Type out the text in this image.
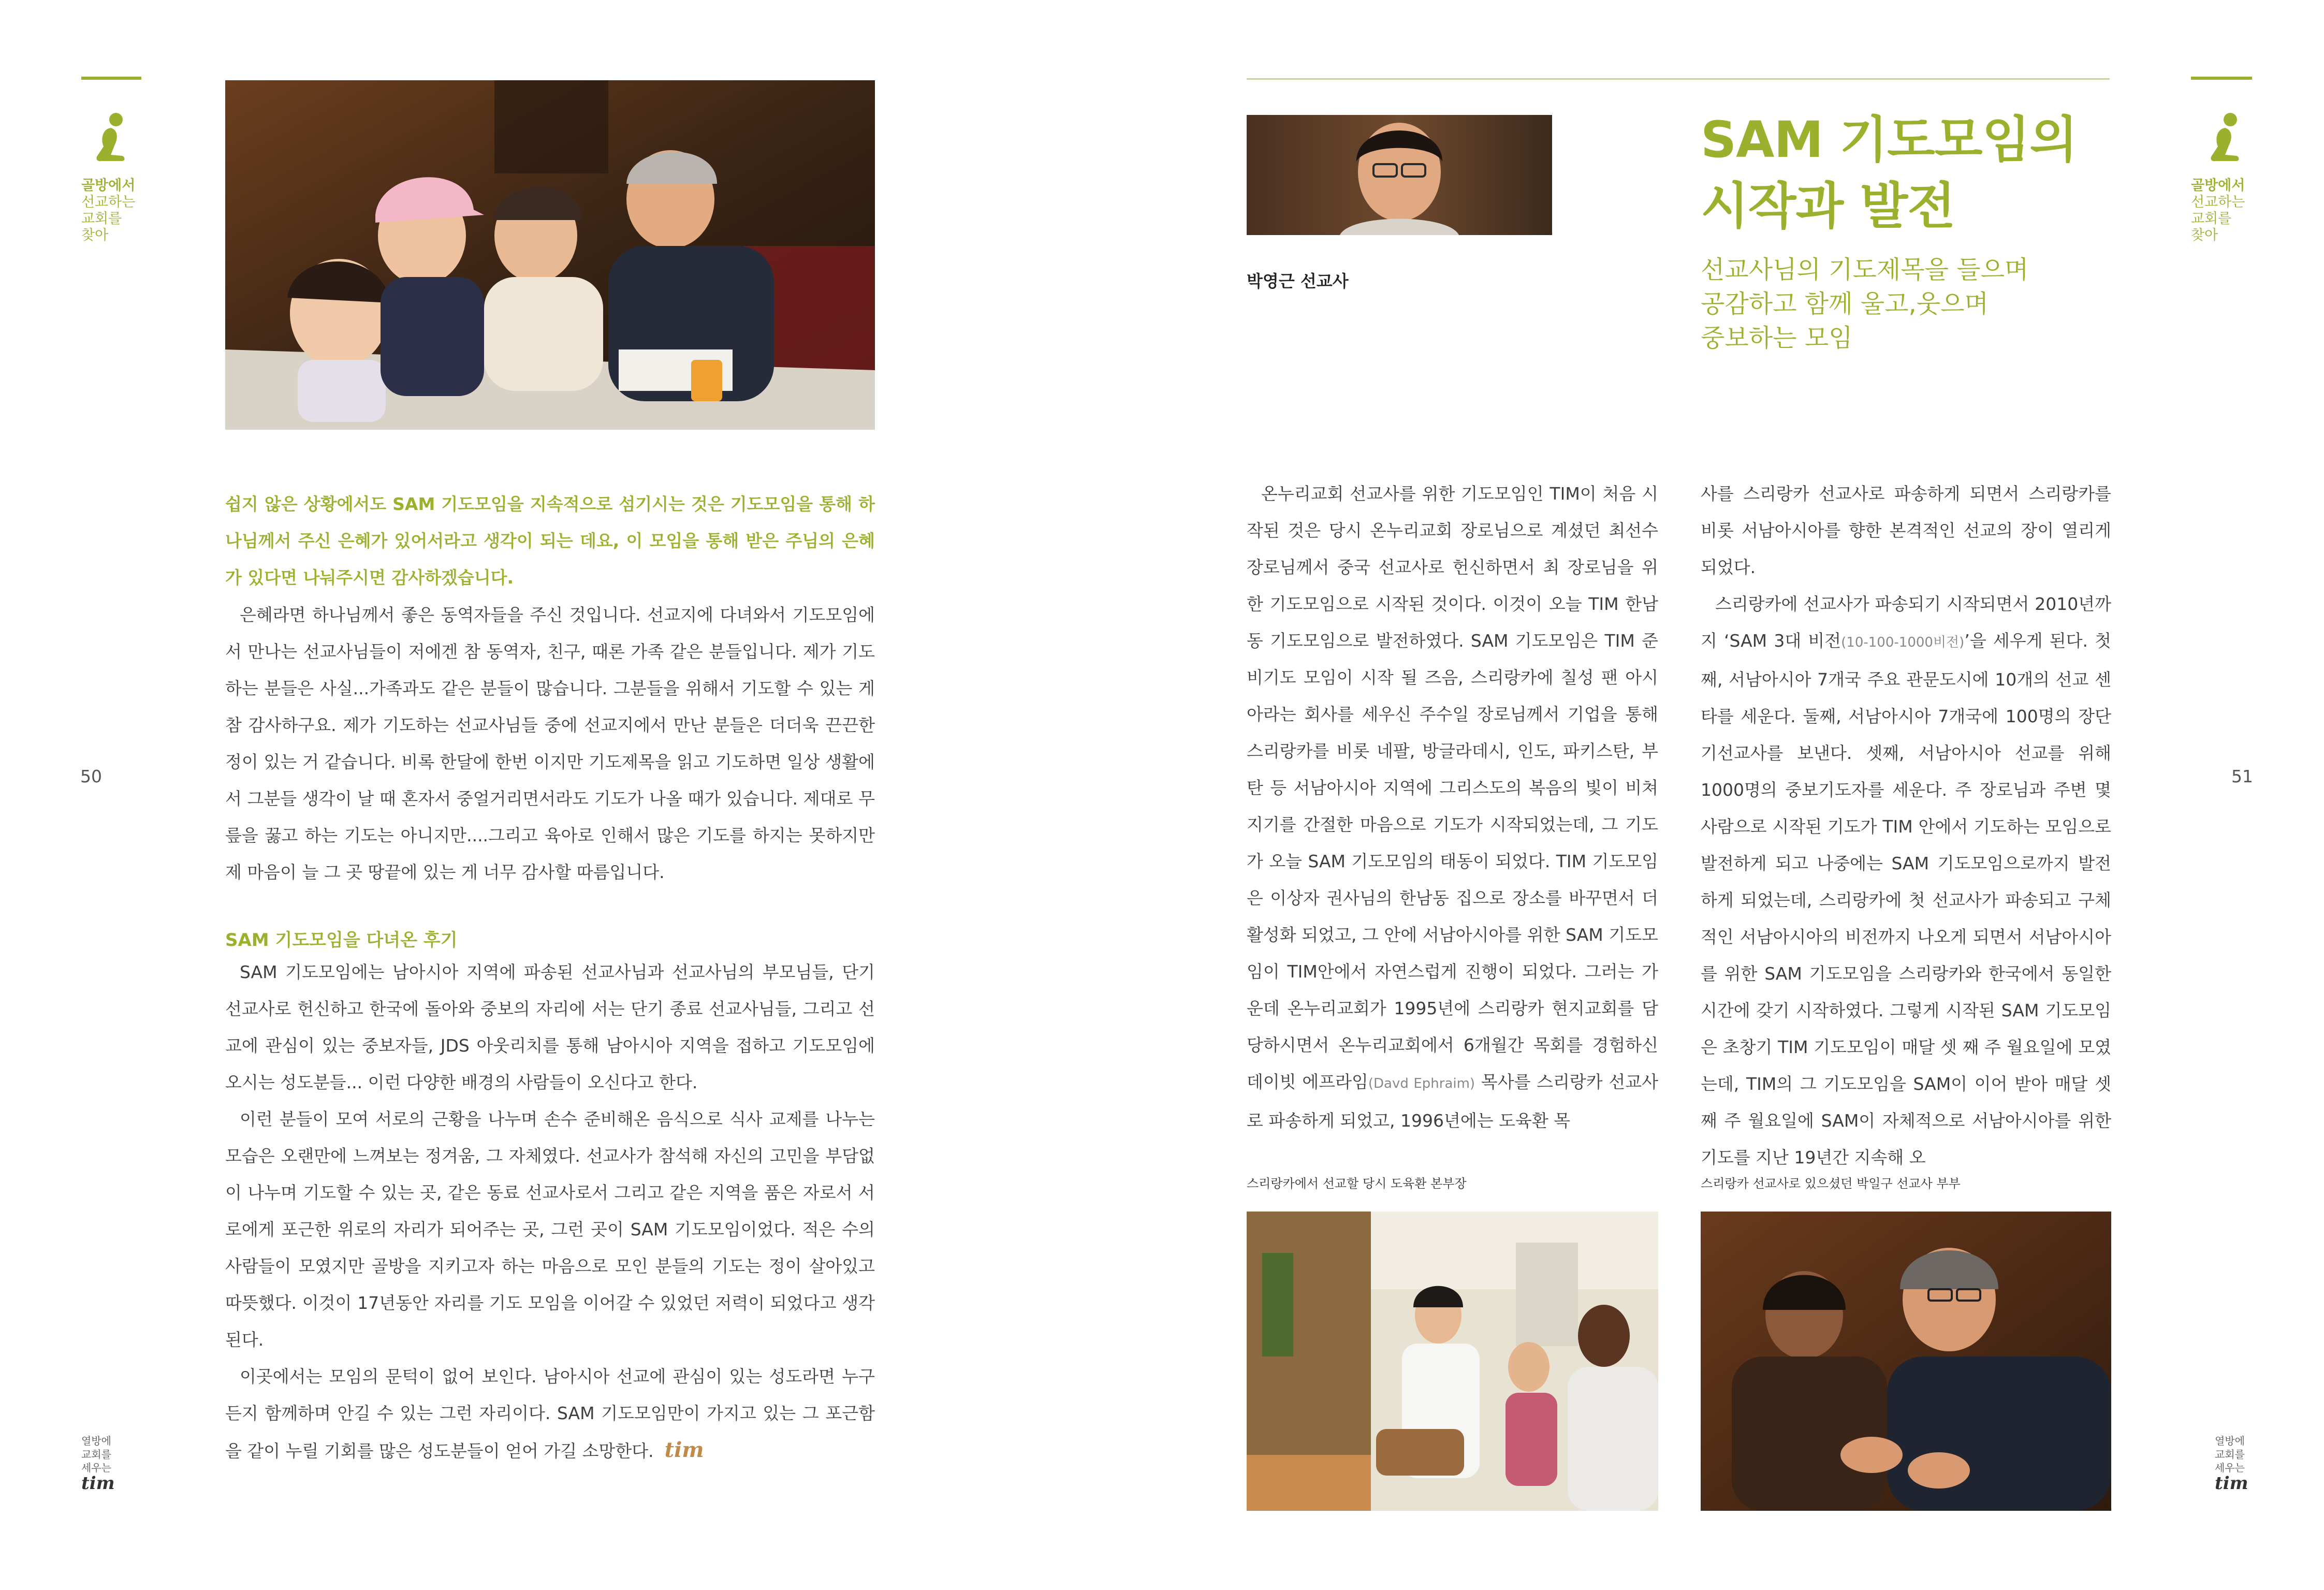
골방에서
선교하는
교회를
찾아
50
열방에
교회를
세우는
tim
쉽지 않은 상황에서도 SAM 기도모임을 지속적으로 섬기시는 것은 기도모임을 통해 하나님께서 주신 은혜가 있어서라고 생각이 되는 데요, 이 모임을 통해 받은 주님의 은혜가 있다면 나눠주시면 감사하겠습니다.

은혜라면 하나님께서 좋은 동역자들을 주신 것입니다. 선교지에 다녀와서 기도모임에서 만나는 선교사님들이 저에겐 참 동역자, 친구, 때론 가족 같은 분들입니다. 제가 기도하는 분들은 사실...가족과도 같은 분들이 많습니다. 그분들을 위해서 기도할 수 있는 게 참 감사하구요. 제가 기도하는 선교사님들 중에 선교지에서 만난 분들은 더더욱 끈끈한 정이 있는 거 같습니다. 비록 한달에 한번 이지만 기도제목을 읽고 기도하면 일상 생활에서 그분들 생각이 날 때 혼자서 중얼거리면서라도 기도가 나올 때가 있습니다. 제대로 무릎을 꿇고 하는 기도는 아니지만....그리고 육아로 인해서 많은 기도를 하지는 못하지만 제 마음이 늘 그 곳 땅끝에 있는 게 너무 감사할 따름입니다.

SAM 기도모임을 다녀온 후기

SAM 기도모임에는 남아시아 지역에 파송된 선교사님과 선교사님의 부모님들, 단기 선교사로 헌신하고 한국에 돌아와 중보의 자리에 서는 단기 종료 선교사님들, 그리고 선교에 관심이 있는 중보자들, JDS 아웃리치를 통해 남아시아 지역을 접하고 기도모임에 오시는 성도분들... 이런 다양한 배경의 사람들이 오신다고 한다.

이런 분들이 모여 서로의 근황을 나누며 손수 준비해온 음식으로 식사 교제를 나누는 모습은 오랜만에 느껴보는 정겨움, 그 자체였다. 선교사가 참석해 자신의 고민을 부담없이 나누며 기도할 수 있는 곳, 같은 동료 선교사로서 그리고 같은 지역을 품은 자로서 서로에게 포근한 위로의 자리가 되어주는 곳, 그런 곳이 SAM 기도모임이었다. 적은 수의 사람들이 모였지만 골방을 지키고자 하는 마음으로 모인 분들의 기도는 정이 살아있고 따뜻했다. 이것이 17년동안 자리를 기도 모임을 이어갈 수 있었던 저력이 되었다고 생각된다.

이곳에서는 모임의 문턱이 없어 보인다. 남아시아 선교에 관심이 있는 성도라면 누구든지 함께하며 안길 수 있는 그런 자리이다. SAM 기도모임만이 가지고 있는 그 포근함을 같이 누릴 기회를 많은 성도분들이 얻어 가길 소망한다. tim

골방에서
선교하는
교회를
찾아
51
열방에
교회를
세우는
tim
박영근 선교사
SAM 기도모임의
시작과 발전
선교사님의 기도제목을 들으며
공감하고 함께 울고,웃으며
중보하는 모임

온누리교회 선교사를 위한 기도모임인 TIM이 처음 시작된 것은 당시 온누리교회 장로님으로 계셨던 최선수 장로님께서 중국 선교사로 헌신하면서 최 장로님을 위한 기도모임으로 시작된 것이다. 이것이 오늘 TIM 한남동 기도모임으로 발전하였다. SAM 기도모임은 TIM 준비기도 모임이 시작 될 즈음, 스리랑카에 칠성 팬 아시아라는 회사를 세우신 주수일 장로님께서 기업을 통해 스리랑카를 비롯 네팔, 방글라데시, 인도, 파키스탄, 부탄 등 서남아시아 지역에 그리스도의 복음의 빛이 비쳐지기를 간절한 마음으로 기도가 시작되었는데, 그 기도가 오늘 SAM 기도모임의 태동이 되었다. TIM 기도모임은 이상자 권사님의 한남동 집으로 장소를 바꾸면서 더 활성화 되었고, 그 안에 서남아시아를 위한 SAM 기도모임이 TIM안에서 자연스럽게 진행이 되었다. 그러는 가운데 온누리교회가 1995년에 스리랑카 현지교회를 담당하시면서 온누리교회에서 6개월간 목회를 경험하신 데이빗 에프라임(Davd Ephraim) 목사를 스리랑카 선교사로 파송하게 되었고, 1996년에는 도육환 목

사를 스리랑카 선교사로 파송하게 되면서 스리랑카를 비롯 서남아시아를 향한 본격적인 선교의 장이 열리게 되었다.

스리랑카에 선교사가 파송되기 시작되면서 2010년까지 ‘SAM 3대 비전(10-100-1000비전)’을 세우게 된다. 첫째, 서남아시아 7개국 주요 관문도시에 10개의 선교 센타를 세운다. 둘째, 서남아시아 7개국에 100명의 장단기선교사를 보낸다. 셋째, 서남아시아 선교를 위해 1000명의 중보기도자를 세운다. 주 장로님과 주변 몇 사람으로 시작된 기도가 TIM 안에서 기도하는 모임으로 발전하게 되고 나중에는 SAM 기도모임으로까지 발전하게 되었는데, 스리랑카에 첫 선교사가 파송되고 구체적인 서남아시아의 비전까지 나오게 되면서 서남아시아를 위한 SAM 기도모임을 스리랑카와 한국에서 동일한 시간에 갖기 시작하였다. 그렇게 시작된 SAM 기도모임은 초창기 TIM 기도모임이 매달 셋 째 주 월요일에 모였는데, TIM의 그 기도모임을 SAM이 이어 받아 매달 셋째 주 월요일에 SAM이 자체적으로 서남아시아를 위한 기도를 지난 19년간 지속해 오

스리랑카에서 선교할 당시 도육환 본부장	스리랑카 선교사로 있으셨던 박일구 선교사 부부
